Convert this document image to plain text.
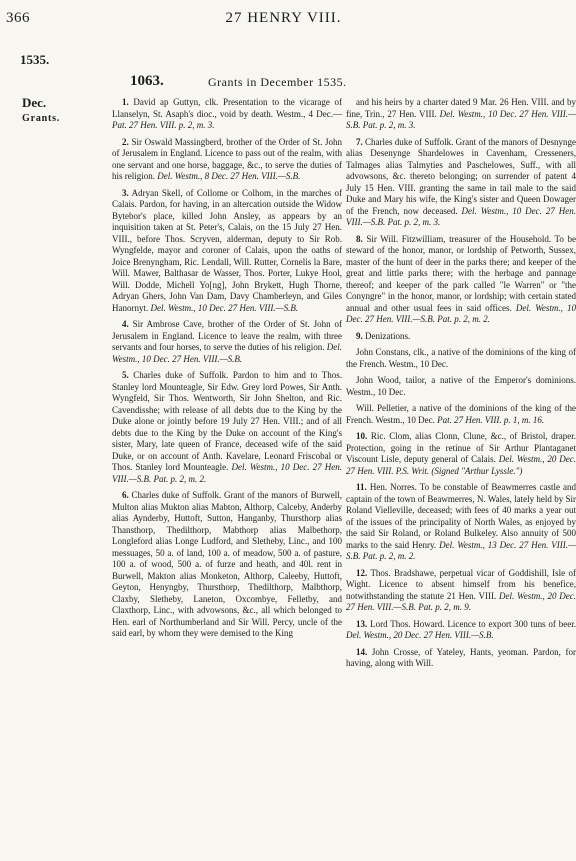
366	27 HENRY VIII.
1535.
1063.	Grants in December 1535.
Dec.
Grants.

1. David ap Guttyn, clk. Presentation to the vicarage of Llanselyn, St. Asaph's dioc., void by death. Westm., 4 Dec.— Pat. 27 Hen. VIII. p. 2, m. 3.

2. Sir Oswald Massingberd, brother of the Order of St. John of Jerusalem in England. Licence to pass out of the realm, with one servant and one horse, baggage, &c., to serve the duties of his religion. Del. Westm., 8 Dec. 27 Hen. VIII.—S.B.

3. Adryan Skell, of Collome or Colhom, in the marches of Calais. Pardon, for having, in an altercation outside the Widow Bytebor's place, killed John Ansley, as appears by an inquisition taken at St. Peter's, Calais, on the 15 July 27 Hen. VIII., before Thos. Scryven, alderman, deputy to Sir Rob. Wyngfelde, mayor and coroner of Calais, upon the oaths of Joice Brenyngham, Ric. Lendall, Will. Rutter, Cornelis la Bare, Will. Mawer, Balthasar de Wasser, Thos. Porter, Lukye Hool, Will. Dodde, Michell Yo[ng], John Brykett, Hugh Thorne, Adryan Ghers, John Van Dam, Davy Chamberleyn, and Giles Hanornyt. Del. Westm., 10 Dec. 27 Hen. VIII.—S.B.

4. Sir Ambrose Cave, brother of the Order of St. John of Jerusalem in England. Licence to leave the realm, with three servants and four horses, to serve the duties of his religion. Del. Westm., 10 Dec. 27 Hen. VIII.—S.B.

5. Charles duke of Suffolk. Pardon to him and to Thos. Stanley lord Mounteagle, Sir Edw. Grey lord Powes, Sir Anth. Wyngfeld, Sir Thos. Wentworth, Sir John Shelton, and Ric. Cavendisshe; with release of all debts due to the King by the Duke alone or jointly before 19 July 27 Hen. VIII.; and of all debts due to the King by the Duke on account of the King's sister, Mary, late queen of France, deceased wife of the said Duke, or on account of Anth. Kavelare, Leonard Friscobal or Thos. Stanley lord Mounteagle. Del. Westm., 10 Dec. 27 Hen. VIII.—S.B. Pat. p. 2, m. 2.

6. Charles duke of Suffolk. Grant of the manors of Burwell, Multon alias Mukton alias Mabton, Althorp, Calceby, Anderby alias Aynderby, Huttoft, Sutton, Hanganby, Thursthorp alias Thansthorp, Thedilthorp, Mabthorp alias Malbethorp, Longleford alias Longe Ludford, and Sletheby, Linc., and 100 messuages, 50 a. of land, 100 a. of meadow, 500 a. of pasture, 100 a. of wood, 500 a. of furze and heath, and 40l. rent in Burwell, Makton alias Monketon, Althorp, Caleeby, Huttoft, Geyton, Henyngby, Thursthorp, Thedilthorp, Malbthorp, Claxby, Sletheby, Laneton, Oxcombye, Felletby, and Claxthorp, Linc., with advowsons, &c., all which belonged to Hen. earl of Northumberland and Sir Will. Percy, uncle of the said earl, by whom they were demised to the King

and his heirs by a charter dated 9 Mar. 26 Hen. VIII. and by fine, Trin., 27 Hen. VIII. Del. Westm., 10 Dec. 27 Hen. VIII.—S.B. Pat. p. 2, m. 3.

7. Charles duke of Suffolk. Grant of the manors of Desnynge alias Desenynge Shardelowes in Cavenham, Cresseners, Talmages alias Talmyties and Paschelowes, Suff., with all advowsons, &c. thereto belonging; on surrender of patent 4 July 15 Hen. VIII. granting the same in tail male to the said Duke and Mary his wife, the King's sister and Queen Dowager of the French, now deceased. Del. Westm., 10 Dec. 27 Hen. VIII.—S.B. Pat. p. 2, m. 3.

8. Sir Will. Fitzwilliam, treasurer of the Household. To be steward of the honor, manor, or lordship of Petworth, Sussex, master of the hunt of deer in the parks there; and keeper of the great and little parks there; with the herbage and pannage thereof; and keeper of the park called "le Warren" or "the Conyngre" in the honor, manor, or lordship; with certain stated annual and other usual fees in said offices. Del. Westm., 10 Dec. 27 Hen. VIII.—S.B. Pat. p. 2, m. 2.

9. Denizations.

John Constans, clk., a native of the dominions of the king of the French. Westm., 10 Dec.

John Wood, tailor, a native of the Emperor's dominions. Westm., 10 Dec.

Will. Pelletier, a native of the dominions of the king of the French. Westm., 10 Dec. Pat. 27 Hen. VIII. p. 1, m. 16.

10. Ric. Clom, alias Clonn, Clune, &c., of Bristol, draper. Protection, going in the retinue of Sir Arthur Plantaganet Viscount Lisle, deputy general of Calais. Del. Westm., 20 Dec. 27 Hen. VIII. P.S. Writ. (Signed "Arthur Lyssle.")

11. Hen. Norres. To be constable of Beawmerres castle and captain of the town of Beawmerres, N. Wales, lately held by Sir Roland Vielleville, deceased; with fees of 40 marks a year out of the issues of the principality of North Wales, as enjoyed by the said Sir Roland, or Roland Bulkeley. Also annuity of 500 marks to the said Henry. Del. Westm., 13 Dec. 27 Hen. VIII.—S.B. Pat. p. 2, m. 2.

12. Thos. Bradshawe, perpetual vicar of Goddishill, Isle of Wight. Licence to absent himself from his benefice, notwithstanding the statute 21 Hen. VIII. Del. Westm., 20 Dec. 27 Hen. VIII.—S.B. Pat. p. 2, m. 9.

13. Lord Thos. Howard. Licence to export 300 tuns of beer. Del. Westm., 20 Dec. 27 Hen. VIII.—S.B.

14. John Crosse, of Yateley, Hants, yeoman. Pardon, for having, along with Will.
